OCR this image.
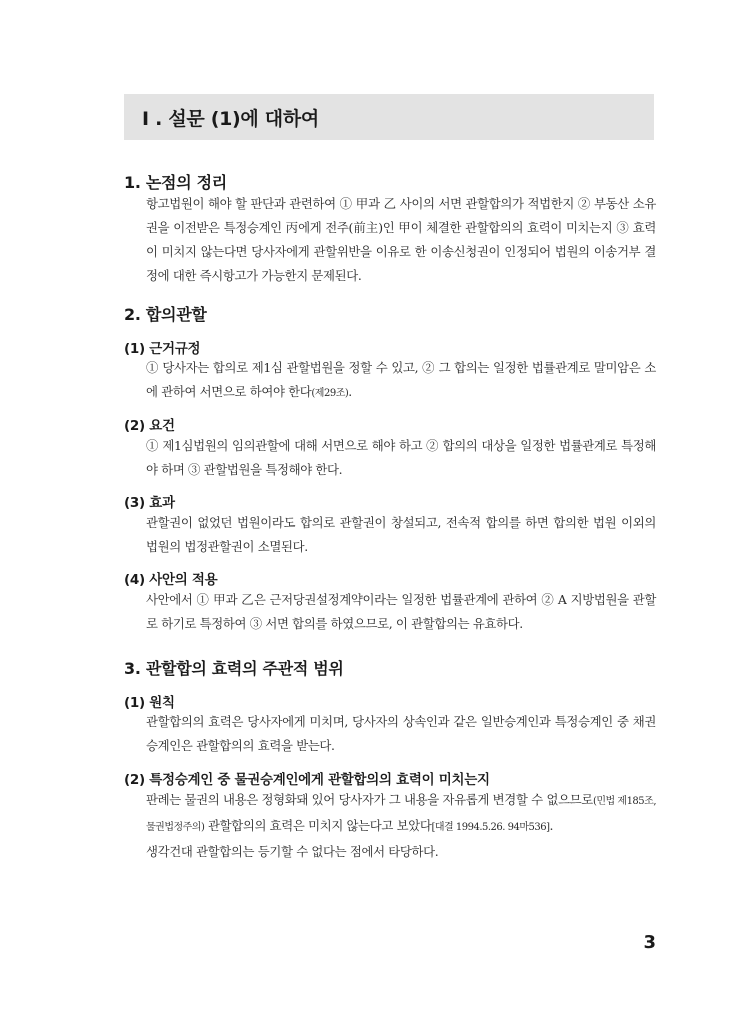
I . 설문 (1)에 대하여
1. 논점의 정리
항고법원이 해야 할 판단과 관련하여 ① 甲과 乙 사이의 서면 관할합의가 적법한지 ② 부동산 소유권을 이전받은 특정승계인 丙에게 전주(前主)인 甲이 체결한 관할합의의 효력이 미치는지 ③ 효력이 미치지 않는다면 당사자에게 관할위반을 이유로 한 이송신청권이 인정되어 법원의 이송거부 결정에 대한 즉시항고가 가능한지 문제된다.
2. 합의관할
(1) 근거규정
① 당사자는 합의로 제1심 관할법원을 정할 수 있고, ② 그 합의는 일정한 법률관계로 말미암은 소에 관하여 서면으로 하여야 한다(제29조).
(2) 요건
① 제1심법원의 임의관할에 대해 서면으로 해야 하고 ② 합의의 대상을 일정한 법률관계로 특정해야 하며 ③ 관할법원을 특정해야 한다.
(3) 효과
관할권이 없었던 법원이라도 합의로 관할권이 창설되고, 전속적 합의를 하면 합의한 법원 이외의 법원의 법정관할권이 소멸된다.
(4) 사안의 적용
사안에서 ① 甲과 乙은 근저당권설정계약이라는 일정한 법률관계에 관하여 ② A 지방법원을 관할로 하기로 특정하여 ③ 서면 합의를 하였으므로, 이 관할합의는 유효하다.
3. 관할합의 효력의 주관적 범위
(1) 원칙
관할합의의 효력은 당사자에게 미치며, 당사자의 상속인과 같은 일반승계인과 특정승계인 중 채권승계인은 관할합의의 효력을 받는다.
(2) 특정승계인 중 물권승계인에게 관할합의의 효력이 미치는지
판례는 물권의 내용은 정형화돼 있어 당사자가 그 내용을 자유롭게 변경할 수 없으므로(민법 제185조, 물권법정주의) 관할합의의 효력은 미치지 않는다고 보았다[대결 1994.5.26. 94마536].
생각건대 관할합의는 등기할 수 없다는 점에서 타당하다.
3
